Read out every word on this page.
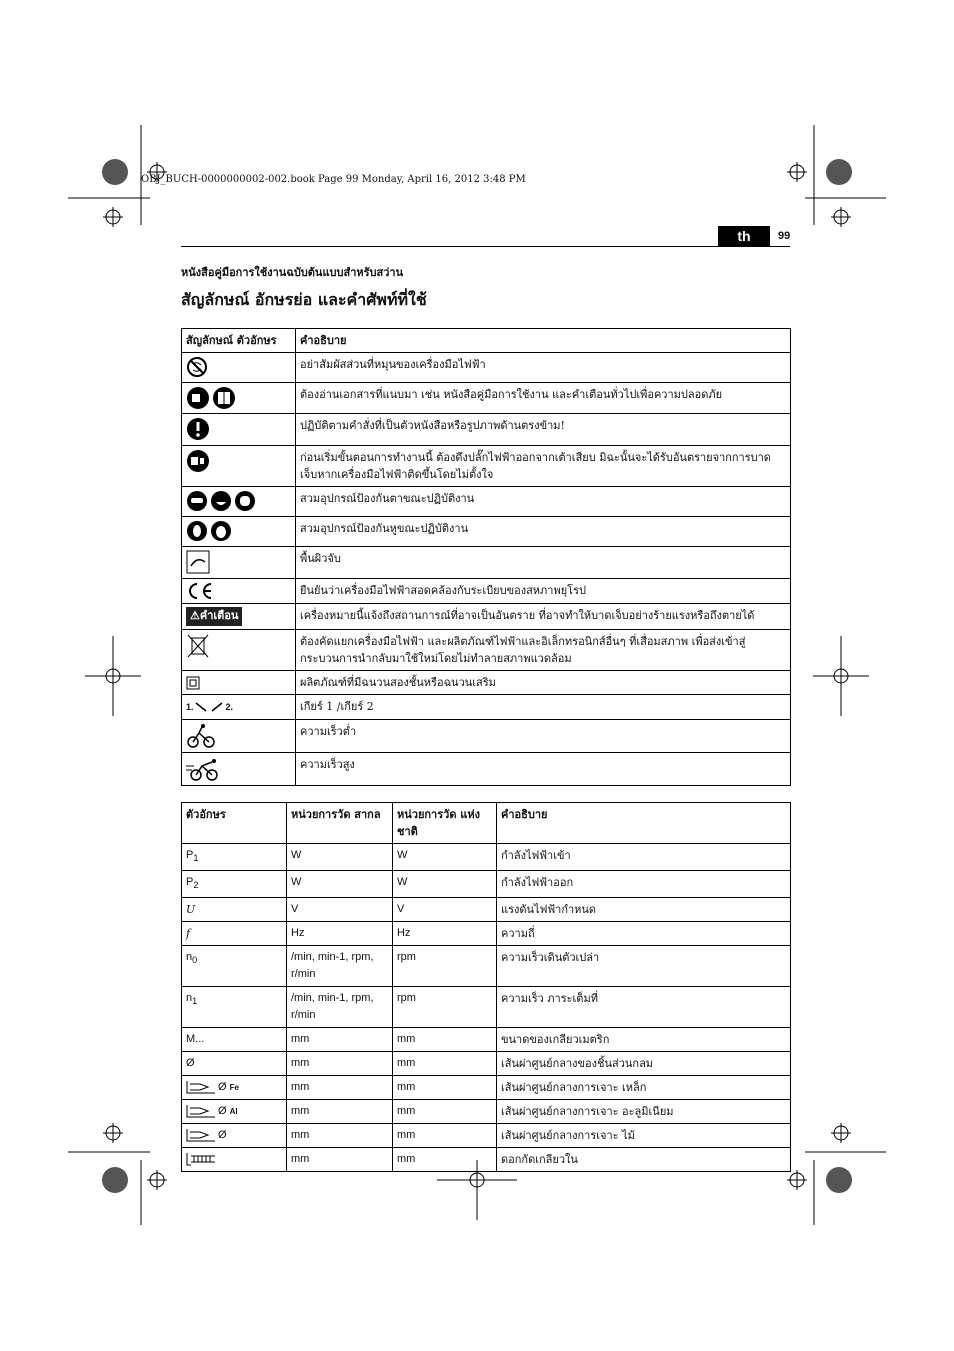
OBJ_BUCH-0000000002-002.book Page 99 Monday, April 16, 2012 3:48 PM
th	99
หนังสือคู่มือการใช้งานฉบับต้นแบบสำหรับสว่าน
สัญลักษณ์ อักษรย่อ และคำศัพท์ที่ใช้
สัญลักษณ์ ตัวอักษร	คำอธิบาย
	อย่าสัมผัสส่วนที่หมุนของเครื่องมือไฟฟ้า
	ต้องอ่านเอกสารที่แนบมา เช่น หนังสือคู่มือการใช้งาน และคำเตือนทั่วไปเพื่อความปลอดภัย
	ปฏิบัติตามคำสั่งที่เป็นตัวหนังสือหรือรูปภาพด้านตรงข้าม!
	ก่อนเริ่มขั้นตอนการทำงานนี้ ต้องดึงปลั๊กไฟฟ้าออกจากเต้าเสียบ มิฉะนั้นจะได้รับอันตรายจากการบาดเจ็บหากเครื่องมือไฟฟ้าติดขึ้นโดยไม่ตั้งใจ
	สวมอุปกรณ์ป้องกันตาขณะปฏิบัติงาน
	สวมอุปกรณ์ป้องกันหูขณะปฏิบัติงาน
	พื้นผิวจับ
	ยืนยันว่าเครื่องมือไฟฟ้าสอดคล้องกับระเบียบของสหภาพยุโรป
⚠คำเตือน	เครื่องหมายนี้แจ้งถึงสถานการณ์ที่อาจเป็นอันตราย ที่อาจทำให้บาดเจ็บอย่างร้ายแรงหรือถึงตายได้
	ต้องคัดแยกเครื่องมือไฟฟ้า และผลิตภัณฑ์ไฟฟ้าและอิเล็กทรอนิกส์อื่นๆ ที่เสื่อมสภาพ เพื่อส่งเข้าสู่กระบวนการนำกลับมาใช้ใหม่โดยไม่ทำลายสภาพแวดล้อม
	ผลิตภัณฑ์ที่มีฉนวนสองชั้นหรือฉนวนเสริม
1. 2.	เกียร์ 1 /เกียร์ 2
	ความเร็วต่ำ
	ความเร็วสูง
ตัวอักษร	หน่วยการวัด สากล	หน่วยการวัด แห่งชาติ	คำอธิบาย
$P_1$	W	W	กำลังไฟฟ้าเข้า
$P_2$	W	W	กำลังไฟฟ้าออก
U	V	V	แรงดันไฟฟ้ากำหนด
f	Hz	Hz	ความถี่
$n_0$	/min, min-1, rpm, r/min	rpm	ความเร็วเดินตัวเปล่า
$n_1$	/min, min-1, rpm, r/min	rpm	ความเร็ว ภาระเต็มที่
M...	mm	mm	ขนาดของเกลียวเมตริก
Ø	mm	mm	เส้นผ่าศูนย์กลางของชิ้นส่วนกลม
Ø Fe	mm	mm	เส้นผ่าศูนย์กลางการเจาะ เหล็ก
Ø Al	mm	mm	เส้นผ่าศูนย์กลางการเจาะ อะลูมิเนียม
Ø	mm	mm	เส้นผ่าศูนย์กลางการเจาะ ไม้
	mm	mm	ดอกกัดเกลียวใน
